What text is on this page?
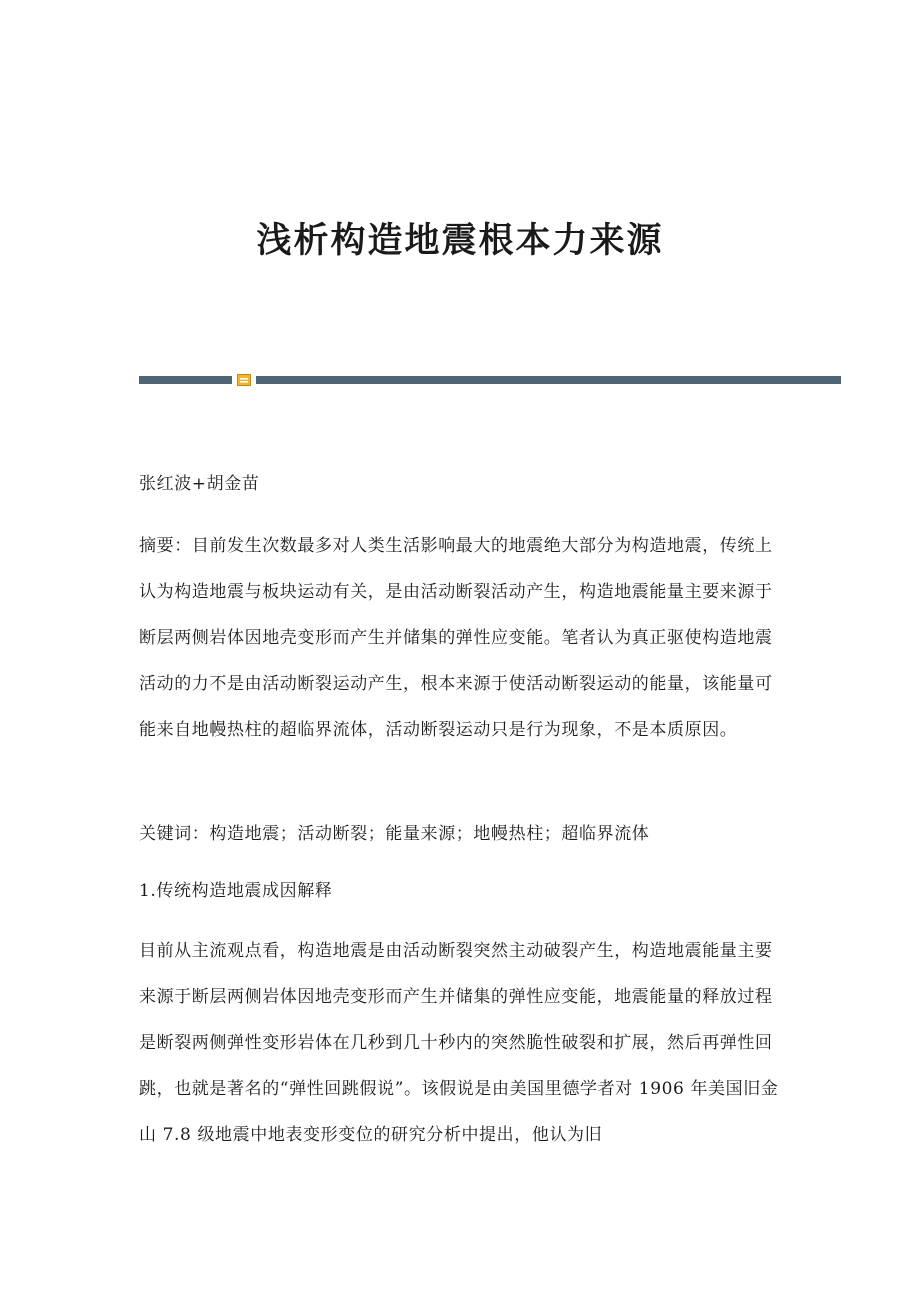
浅析构造地震根本力来源

张红波+胡金苗

摘要：目前发生次数最多对人类生活影响最大的地震绝大部分为构造地震，传统上认为构造地震与板块运动有关，是由活动断裂活动产生，构造地震能量主要来源于断层两侧岩体因地壳变形而产生并储集的弹性应变能。笔者认为真正驱使构造地震活动的力不是由活动断裂运动产生，根本来源于使活动断裂运动的能量，该能量可能来自地幔热柱的超临界流体，活动断裂运动只是行为现象，不是本质原因。

关键词：构造地震；活动断裂；能量来源；地幔热柱；超临界流体

1.传统构造地震成因解释

目前从主流观点看，构造地震是由活动断裂突然主动破裂产生，构造地震能量主要来源于断层两侧岩体因地壳变形而产生并储集的弹性应变能，地震能量的释放过程是断裂两侧弹性变形岩体在几秒到几十秒内的突然脆性破裂和扩展，然后再弹性回跳，也就是著名的“弹性回跳假说”。该假说是由美国里德学者对 1906 年美国旧金山 7.8 级地震中地表变形变位的研究分析中提出，他认为旧
